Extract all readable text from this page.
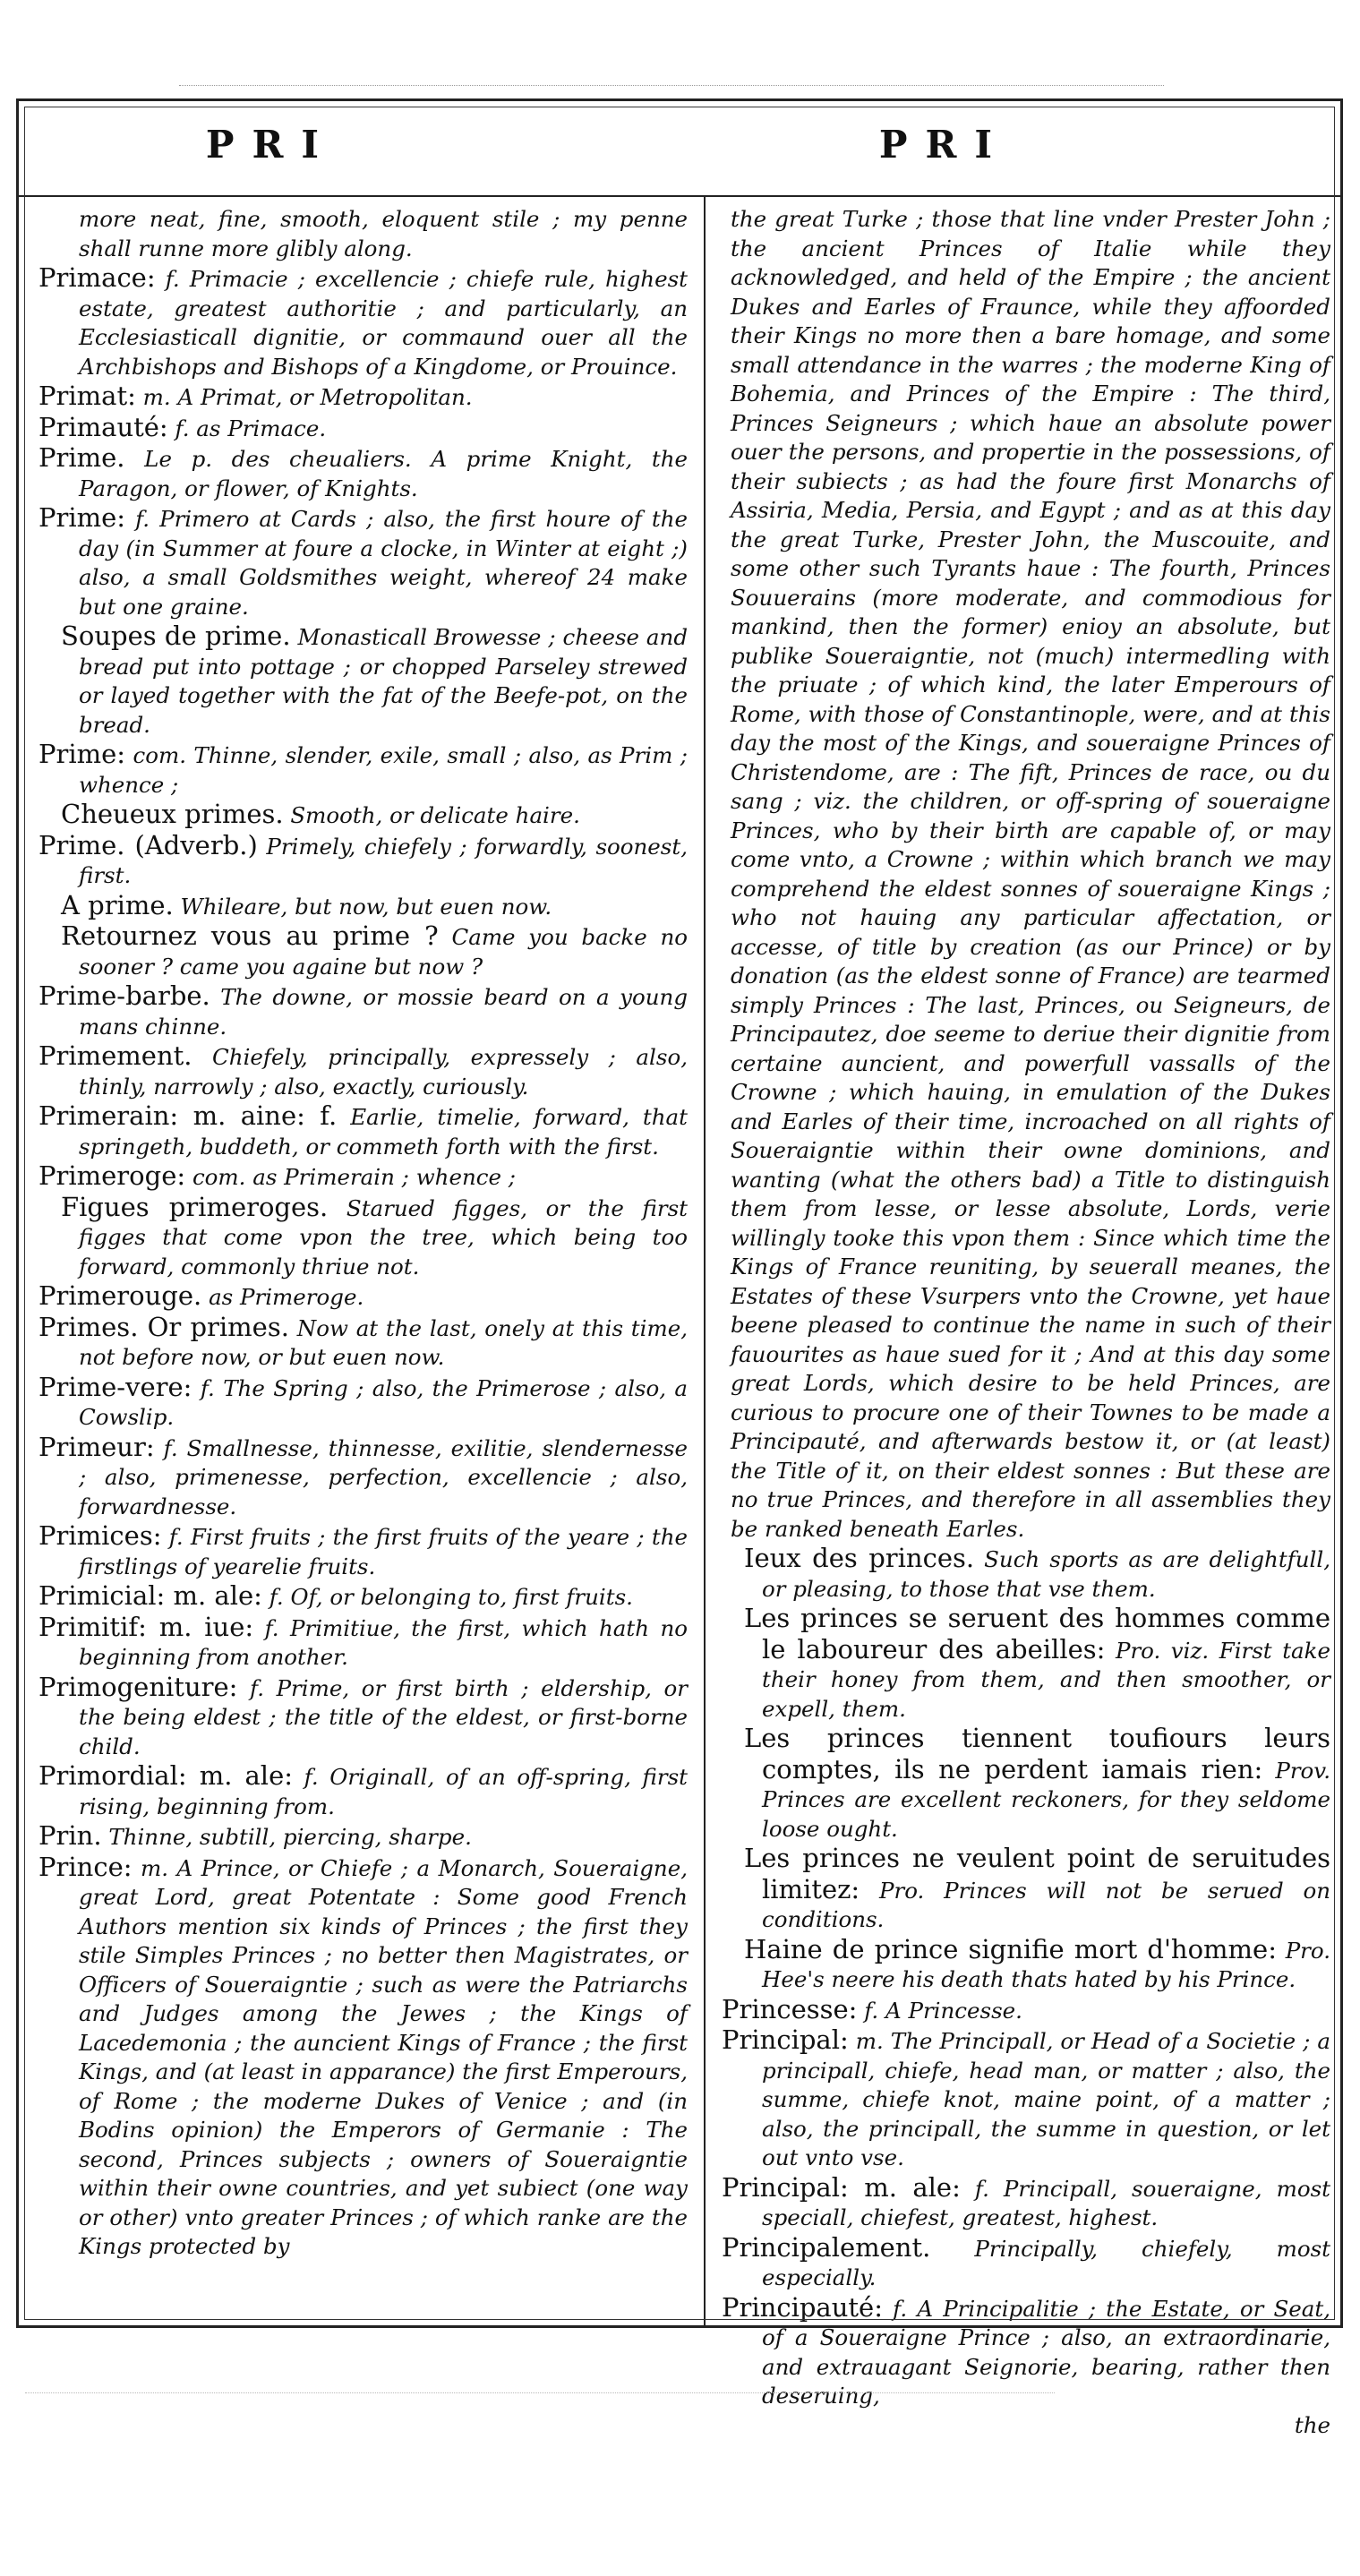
PRI	PRI

more neat, fine, smooth, eloquent stile ; my penne shall runne more glibly along.

Primace: f. Primacie ; excellencie ; chiefe rule, highest estate, greatest authoritie ; and particularly, an Ecclesiasticall dignitie, or commaund ouer all the Archbishops and Bishops of a Kingdome, or Prouince.

Primat: m. A Primat, or Metropolitan.

Primauté: f. as Primace.

Prime. Le p. des cheualiers. A prime Knight, the Paragon, or flower, of Knights.

Prime: f. Primero at Cards ; also, the first houre of the day (in Summer at foure a clocke, in Winter at eight ;) also, a small Goldsmithes weight, whereof 24 make but one graine.

Soupes de prime. Monasticall Browesse ; cheese and bread put into pottage ; or chopped Parseley strewed or layed together with the fat of the Beefe-pot, on the bread.

Prime: com. Thinne, slender, exile, small ; also, as Prim ; whence ;

Cheueux primes. Smooth, or delicate haire.

Prime. (Adverb.) Primely, chiefely ; forwardly, soonest, first.

A prime. Whileare, but now, but euen now.

Retournez vous au prime ? Came you backe no sooner ? came you againe but now ?

Prime-barbe. The downe, or mossie beard on a young mans chinne.

Primement. Chiefely, principally, expressely ; also, thinly, narrowly ; also, exactly, curiously.

Primerain: m. aine: f. Earlie, timelie, forward, that springeth, buddeth, or commeth forth with the first.

Primeroge: com. as Primerain ; whence ;

Figues primeroges. Starued figges, or the first figges that come vpon the tree, which being too forward, commonly thriue not.

Primerouge. as Primeroge.

Primes. Or primes. Now at the last, onely at this time, not before now, or but euen now.

Prime-vere: f. The Spring ; also, the Primerose ; also, a Cowslip.

Primeur: f. Smallnesse, thinnesse, exilitie, slendernesse ; also, primenesse, perfection, excellencie ; also, forwardnesse.

Primices: f. First fruits ; the first fruits of the yeare ; the firstlings of yearelie fruits.

Primicial: m. ale: f. Of, or belonging to, first fruits.

Primitif: m. iue: f. Primitiue, the first, which hath no beginning from another.

Primogeniture: f. Prime, or first birth ; eldership, or the being eldest ; the title of the eldest, or first-borne child.

Primordial: m. ale: f. Originall, of an off-spring, first rising, beginning from.

Prin. Thinne, subtill, piercing, sharpe.

Prince: m. A Prince, or Chiefe ; a Monarch, Soueraigne, great Lord, great Potentate : Some good French Authors mention six kinds of Princes ; the first they stile Simples Princes ; no better then Magistrates, or Officers of Soueraigntie ; such as were the Patriarchs and Judges among the Jewes ; the Kings of Lacedemonia ; the auncient Kings of France ; the first Kings, and (at least in apparance) the first Emperours, of Rome ; the moderne Dukes of Venice ; and (in Bodins opinion) the Emperors of Germanie : The second, Princes subjects ; owners of Soueraigntie within their owne countries, and yet subiect (one way or other) vnto greater Princes ; of which ranke are the Kings protected by

the great Turke ; those that line vnder Prester John ; the ancient Princes of Italie while they acknowledged, and held of the Empire ; the ancient Dukes and Earles of Fraunce, while they affoorded their Kings no more then a bare homage, and some small attendance in the warres ; the moderne King of Bohemia, and Princes of the Empire : The third, Princes Seigneurs ; which haue an absolute power ouer the persons, and propertie in the possessions, of their subiects ; as had the foure first Monarchs of Assiria, Media, Persia, and Egypt ; and as at this day the great Turke, Prester John, the Muscouite, and some other such Tyrants haue : The fourth, Princes Souuerains (more moderate, and commodious for mankind, then the former) enioy an absolute, but publike Soueraigntie, not (much) intermedling with the priuate ; of which kind, the later Emperours of Rome, with those of Constantinople, were, and at this day the most of the Kings, and soueraigne Princes of Christendome, are : The fift, Princes de race, ou du sang ; viz. the children, or off-spring of soueraigne Princes, who by their birth are capable of, or may come vnto, a Crowne ; within which branch we may comprehend the eldest sonnes of soueraigne Kings ; who not hauing any particular affectation, or accesse, of title by creation (as our Prince) or by donation (as the eldest sonne of France) are tearmed simply Princes : The last, Princes, ou Seigneurs, de Principautez, doe seeme to deriue their dignitie from certaine auncient, and powerfull vassalls of the Crowne ; which hauing, in emulation of the Dukes and Earles of their time, incroached on all rights of Soueraigntie within their owne dominions, and wanting (what the others bad) a Title to distinguish them from lesse, or lesse absolute, Lords, verie willingly tooke this vpon them : Since which time the Kings of France reuniting, by seuerall meanes, the Estates of these Vsurpers vnto the Crowne, yet haue beene pleased to continue the name in such of their fauourites as haue sued for it ; And at this day some great Lords, which desire to be held Princes, are curious to procure one of their Townes to be made a Principauté, and afterwards bestow it, or (at least) the Title of it, on their eldest sonnes : But these are no true Princes, and therefore in all assemblies they be ranked beneath Earles.

Ieux des princes. Such sports as are delightfull, or pleasing, to those that vse them.

Les princes se seruent des hommes comme le laboureur des abeilles: Pro. viz. First take their honey from them, and then smoother, or expell, them.

Les princes tiennent toufiours leurs comptes, ils ne perdent iamais rien: Prov. Princes are excellent reckoners, for they seldome loose ought.

Les princes ne veulent point de seruitudes limitez: Pro. Princes will not be serued on conditions.

Haine de prince signifie mort d'homme: Pro. Hee's neere his death thats hated by his Prince.

Princesse: f. A Princesse.

Principal: m. The Principall, or Head of a Societie ; a principall, chiefe, head man, or matter ; also, the summe, chiefe knot, maine point, of a matter ; also, the principall, the summe in question, or let out vnto vse.

Principal: m. ale: f. Principall, soueraigne, most speciall, chiefest, greatest, highest.

Principalement. Principally, chiefely, most especially.

Principauté: f. A Principalitie ; the Estate, or Seat, of a Soueraigne Prince ; also, an extraordinarie, and extrauagant Seignorie, bearing, rather then deseruing,

the
